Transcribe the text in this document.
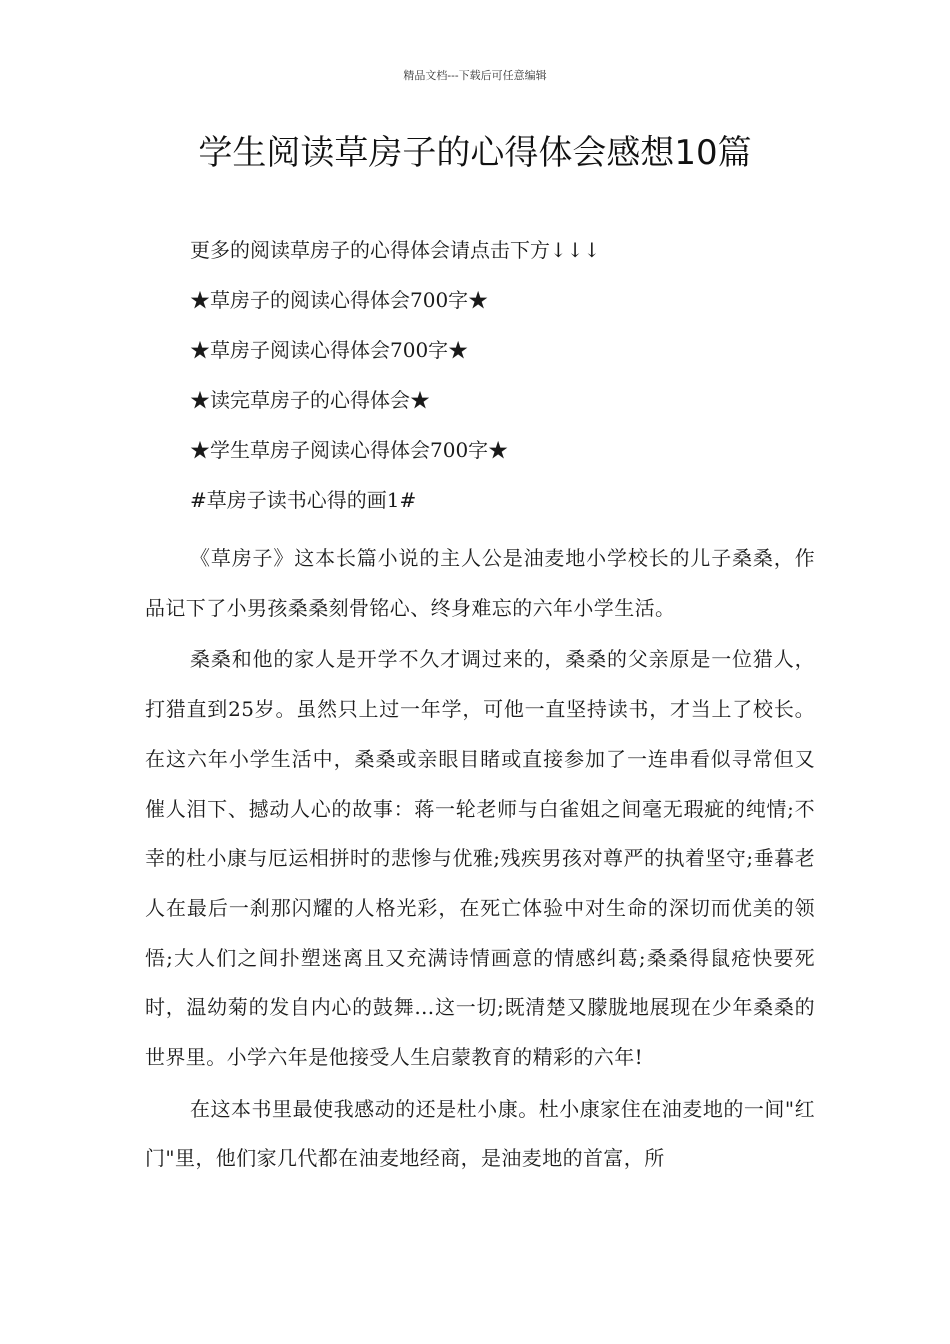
精品文档---下载后可任意编辑
学生阅读草房子的心得体会感想10篇

更多的阅读草房子的心得体会请点击下方↓↓↓

★草房子的阅读心得体会700字★

★草房子阅读心得体会700字★

★读完草房子的心得体会★

★学生草房子阅读心得体会700字★

#草房子读书心得的画1#

《草房子》这本长篇小说的主人公是油麦地小学校长的儿子桑桑，作品记下了小男孩桑桑刻骨铭心、终身难忘的六年小学生活。

桑桑和他的家人是开学不久才调过来的，桑桑的父亲原是一位猎人，打猎直到25岁。虽然只上过一年学，可他一直坚持读书，才当上了校长。在这六年小学生活中，桑桑或亲眼目睹或直接参加了一连串看似寻常但又催人泪下、撼动人心的故事：蒋一轮老师与白雀姐之间毫无瑕疵的纯情;不幸的杜小康与厄运相拼时的悲惨与优雅;残疾男孩对尊严的执着坚守;垂暮老人在最后一刹那闪耀的人格光彩，在死亡体验中对生命的深切而优美的领悟;大人们之间扑塑迷离且又充满诗情画意的情感纠葛;桑桑得鼠疮快要死时，温幼菊的发自内心的鼓舞…这一切;既清楚又朦胧地展现在少年桑桑的世界里。小学六年是他接受人生启蒙教育的精彩的六年!

在这本书里最使我感动的还是杜小康。杜小康家住在油麦地的一间"红门"里，他们家几代都在油麦地经商，是油麦地的首富，所
